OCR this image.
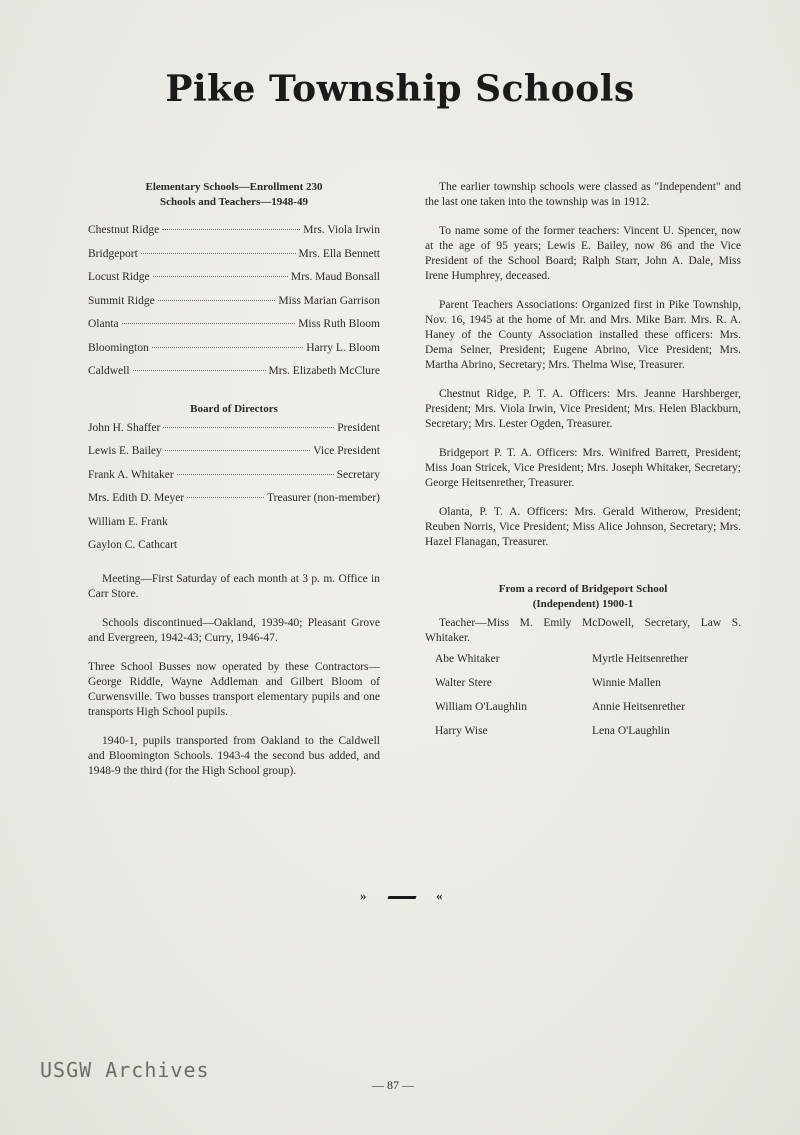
Pike Township Schools
Elementary Schools—Enrollment 230
Schools and Teachers—1948-49
Chestnut Ridge	Mrs. Viola Irwin
Bridgeport	Mrs. Ella Bennett
Locust Ridge	Mrs. Maud Bonsall
Summit Ridge	Miss Marian Garrison
Olanta	Miss Ruth Bloom
Bloomington	Harry L. Bloom
Caldwell	Mrs. Elizabeth McClure
Board of Directors
John H. Shaffer	President
Lewis E. Bailey	Vice President
Frank A. Whitaker	Secretary
Mrs. Edith D. Meyer	Treasurer (non-member)
William E. Frank
Gaylon C. Cathcart

Meeting—First Saturday of each month at 3 p. m. Office in Carr Store.

Schools discontinued—Oakland, 1939-40; Pleasant Grove and Evergreen, 1942-43; Curry, 1946-47.

Three School Busses now operated by these Contractors—George Riddle, Wayne Addleman and Gilbert Bloom of Curwensville. Two busses transport elementary pupils and one transports High School pupils.

1940-1, pupils transported from Oakland to the Caldwell and Bloomington Schools. 1943-4 the second bus added, and 1948-9 the third (for the High School group).

The earlier township schools were classed as "Independent" and the last one taken into the township was in 1912.

To name some of the former teachers: Vincent U. Spencer, now at the age of 95 years; Lewis E. Bailey, now 86 and the Vice President of the School Board; Ralph Starr, John A. Dale, Miss Irene Humphrey, deceased.

Parent Teachers Associations: Organized first in Pike Township, Nov. 16, 1945 at the home of Mr. and Mrs. Mike Barr. Mrs. R. A. Haney of the County Association installed these officers: Mrs. Dema Selner, President; Eugene Abrino, Vice President; Mrs. Martha Abrino, Secretary; Mrs. Thelma Wise, Treasurer.

Chestnut Ridge, P. T. A. Officers: Mrs. Jeanne Harshberger, President; Mrs. Viola Irwin, Vice President; Mrs. Helen Blackburn, Secretary; Mrs. Lester Ogden, Treasurer.

Bridgeport P. T. A. Officers: Mrs. Winifred Barrett, President; Miss Joan Stricek, Vice President; Mrs. Joseph Whitaker, Secretary; George Heitsenrether, Treasurer.

Olanta, P. T. A. Officers: Mrs. Gerald Witherow, President; Reuben Norris, Vice President; Miss Alice Johnson, Secretary; Mrs. Hazel Flanagan, Treasurer.

From a record of Bridgeport School
(Independent) 1900-1

Teacher—Miss M. Emily McDowell, Secretary, Law S. Whitaker.

Abe Whitaker	Myrtle Heitsenrether
Walter Stere	Winnie Mallen
William O'Laughlin	Annie Heitsenrether
Harry Wise	Lena O'Laughlin
»	«
USGW Archives
— 87 —
